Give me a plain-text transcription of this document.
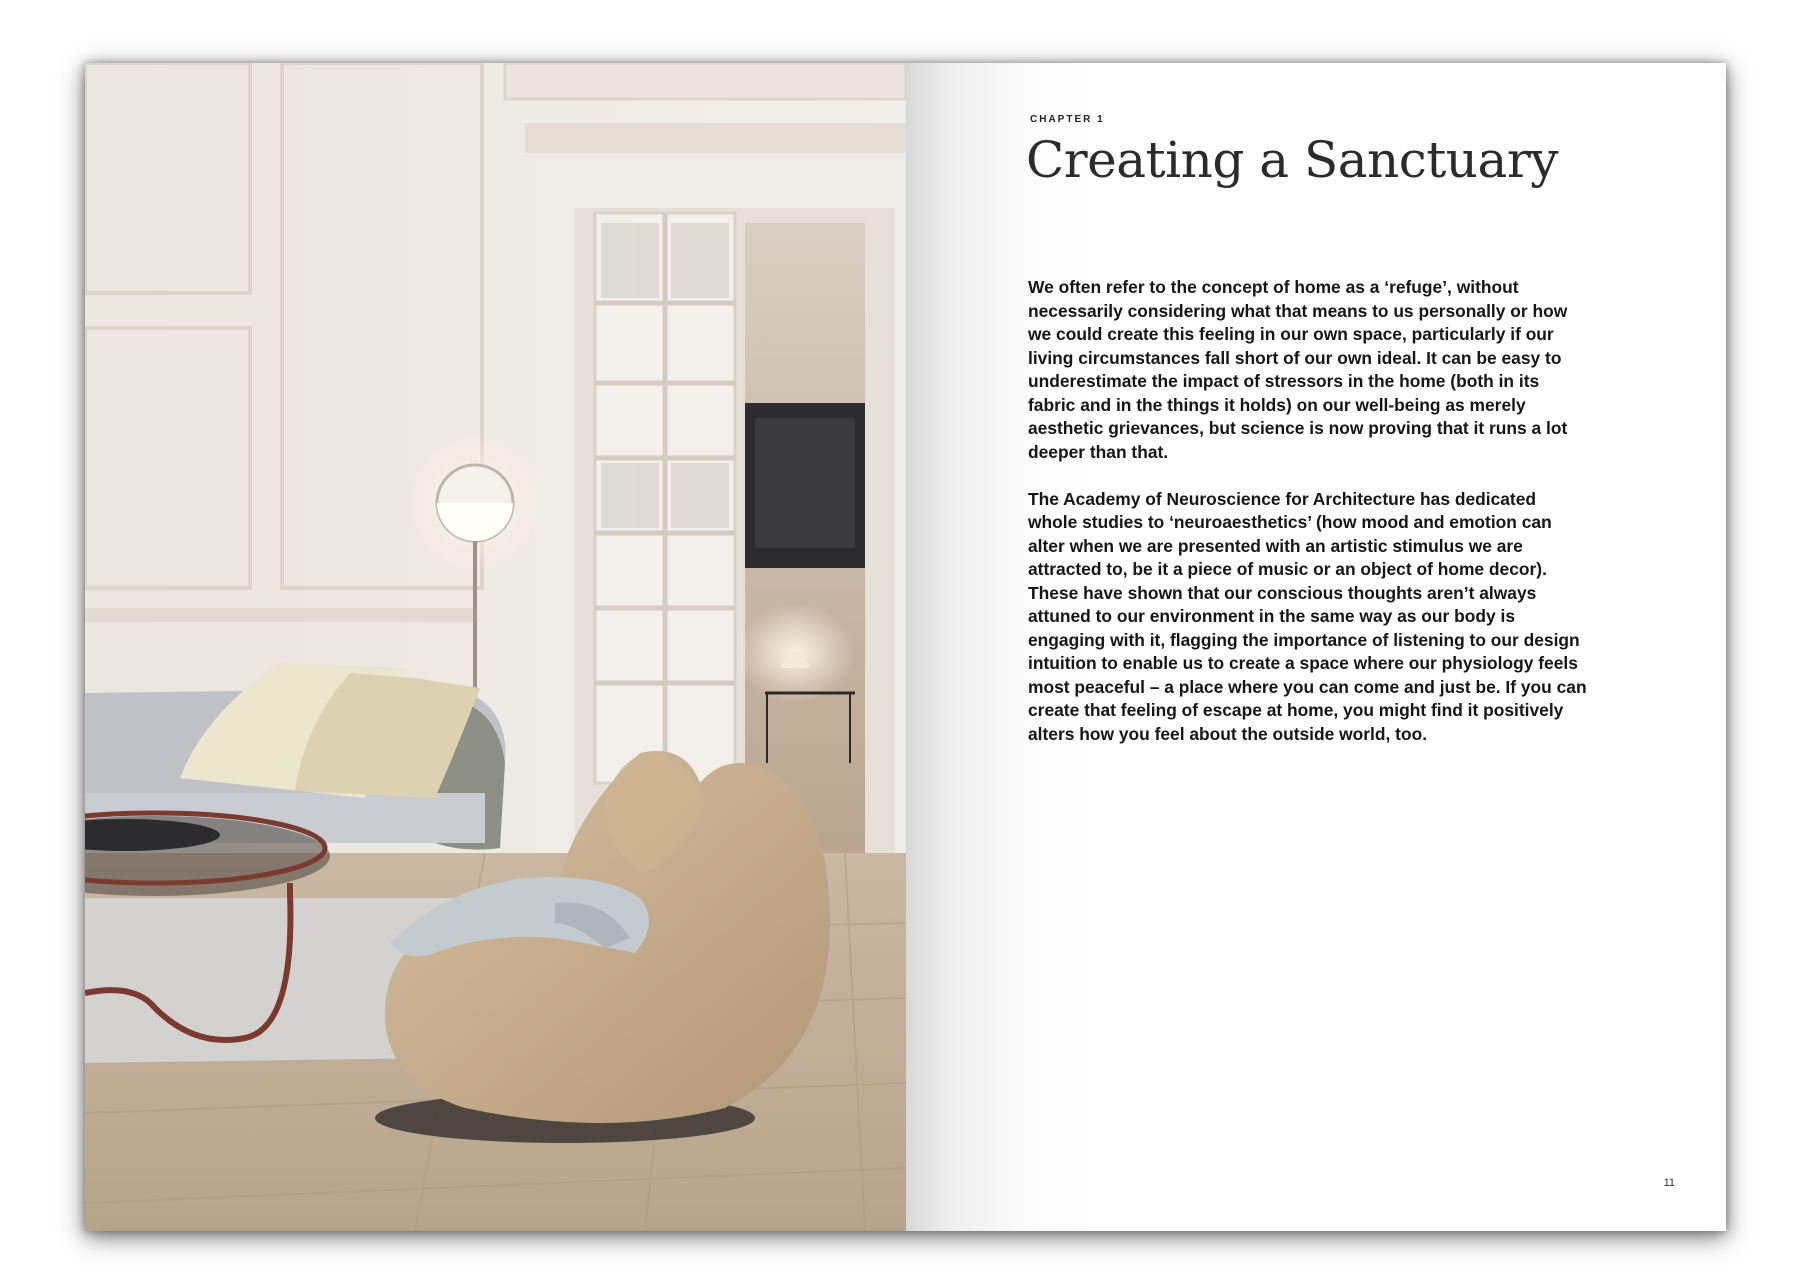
CHAPTER 1
Creating a Sanctuary

We often refer to the concept of home as a ‘refuge’, without necessarily considering what that means to us personally or how we could create this feeling in our own space, particularly if our living circumstances fall short of our own ideal. It can be easy to underestimate the impact of stressors in the home (both in its fabric and in the things it holds) on our well-being as merely aesthetic grievances, but science is now proving that it runs a lot deeper than that.

The Academy of Neuroscience for Architecture has dedicated whole studies to ‘neuroaesthetics’ (how mood and emotion can alter when we are presented with an artistic stimulus we are attracted to, be it a piece of music or an object of home decor). These have shown that our conscious thoughts aren’t always attuned to our environment in the same way as our body is engaging with it, flagging the importance of listening to our design intuition to enable us to create a space where our physiology feels most peaceful – a place where you can come and just be. If you can create that feeling of escape at home, you might find it positively alters how you feel about the outside world, too.

11
